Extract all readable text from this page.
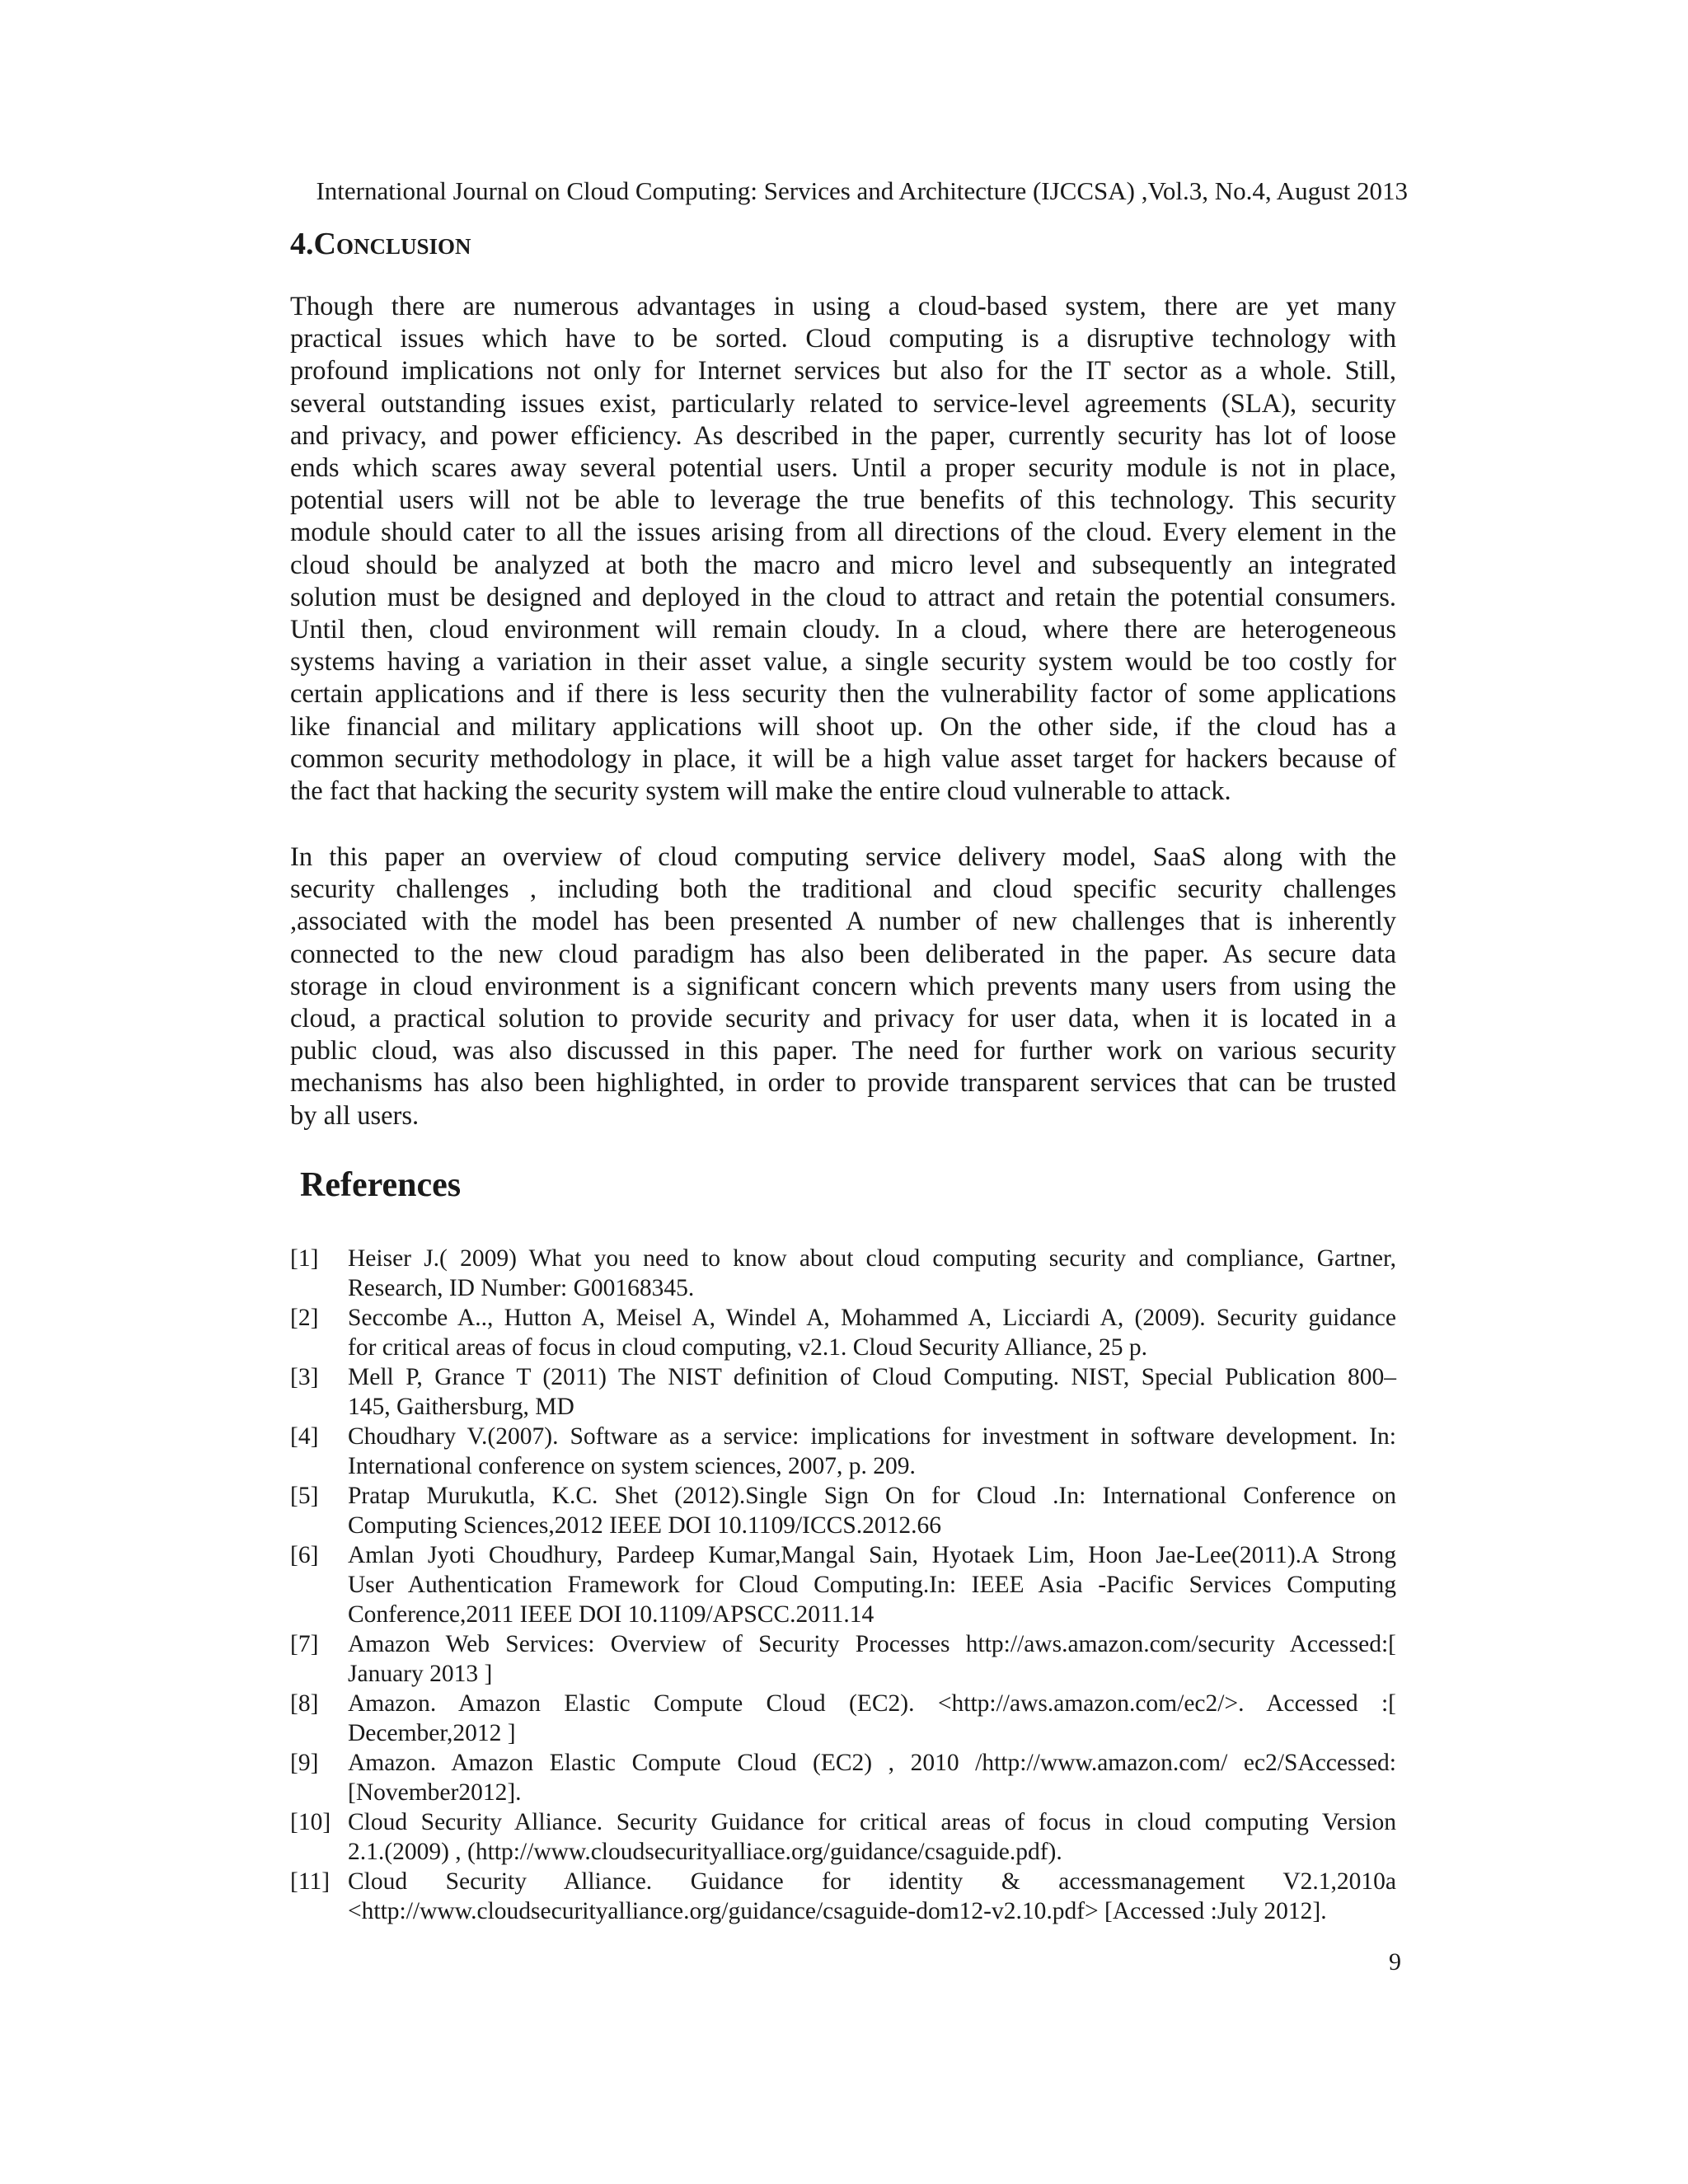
International Journal on Cloud Computing: Services and Architecture (IJCCSA) ,Vol.3, No.4, August 2013
4.Conclusion
Though there are numerous advantages in using a cloud-based system, there are yet many
practical issues which have to be sorted. Cloud computing is a disruptive technology with
profound implications not only for Internet services but also for the IT sector as a whole. Still,
several outstanding issues exist, particularly related to service-level agreements (SLA), security
and privacy, and power efficiency. As described in the paper, currently security has lot of loose
ends which scares away several potential users. Until a proper security module is not in place,
potential users will not be able to leverage the true benefits of this technology. This security
module should cater to all the issues arising from all directions of the cloud. Every element in the
cloud should be analyzed at both the macro and micro level and subsequently an integrated
solution must be designed and deployed in the cloud to attract and retain the potential consumers.
Until then, cloud environment will remain cloudy. In a cloud, where there are heterogeneous
systems having a variation in their asset value, a single security system would be too costly for
certain applications and if there is less security then the vulnerability factor of some applications
like financial and military applications will shoot up. On the other side, if the cloud has a
common security methodology in place, it will be a high value asset target for hackers because of
the fact that hacking the security system will make the entire cloud vulnerable to attack.
In this paper an overview of cloud computing service delivery model, SaaS along with the
security challenges , including both the traditional and cloud specific security challenges
,associated with the model has been presented A number of new challenges that is inherently
connected to the new cloud paradigm has also been deliberated in the paper. As secure data
storage in cloud environment is a significant concern which prevents many users from using the
cloud, a practical solution to provide security and privacy for user data, when it is located in a
public cloud, was also discussed in this paper. The need for further work on various security
mechanisms has also been highlighted, in order to provide transparent services that can be trusted
by all users.
References
[1]	Heiser J.( 2009) What you need to know about cloud computing security and compliance, Gartner,
Research, ID Number: G00168345.
[2]	Seccombe A.., Hutton A, Meisel A, Windel A, Mohammed A, Licciardi A, (2009). Security guidance
for critical areas of focus in cloud computing, v2.1. Cloud Security Alliance, 25 p.
[3]	Mell P, Grance T (2011) The NIST definition of Cloud Computing. NIST, Special Publication 800–
145, Gaithersburg, MD
[4]	Choudhary V.(2007). Software as a service: implications for investment in software development. In:
International conference on system sciences, 2007, p. 209.
[5]	Pratap Murukutla, K.C. Shet (2012).Single Sign On for Cloud .In: International Conference on
Computing Sciences,2012 IEEE DOI 10.1109/ICCS.2012.66
[6]	Amlan Jyoti Choudhury, Pardeep Kumar,Mangal Sain, Hyotaek Lim, Hoon Jae-Lee(2011).A Strong
User Authentication Framework for Cloud Computing.In: IEEE Asia -Pacific Services Computing
Conference,2011 IEEE DOI 10.1109/APSCC.2011.14
[7]	Amazon Web Services: Overview of Security Processes http://aws.amazon.com/security Accessed:[
January 2013 ]
[8]	Amazon. Amazon Elastic Compute Cloud (EC2). <http://aws.amazon.com/ec2/>. Accessed :[
December,2012 ]
[9]	Amazon. Amazon Elastic Compute Cloud (EC2) , 2010 /http://www.amazon.com/ ec2/SAccessed:
[November2012].
[10] Cloud Security Alliance. Security Guidance for critical areas of focus in cloud computing Version
2.1.(2009) , (http://www.cloudsecurityalliace.org/guidance/csaguide.pdf).
[11] Cloud Security Alliance. Guidance for identity & accessmanagement V2.1,2010a
<http://www.cloudsecurityalliance.org/guidance/csaguide-dom12-v2.10.pdf> [Accessed :July 2012].
9
